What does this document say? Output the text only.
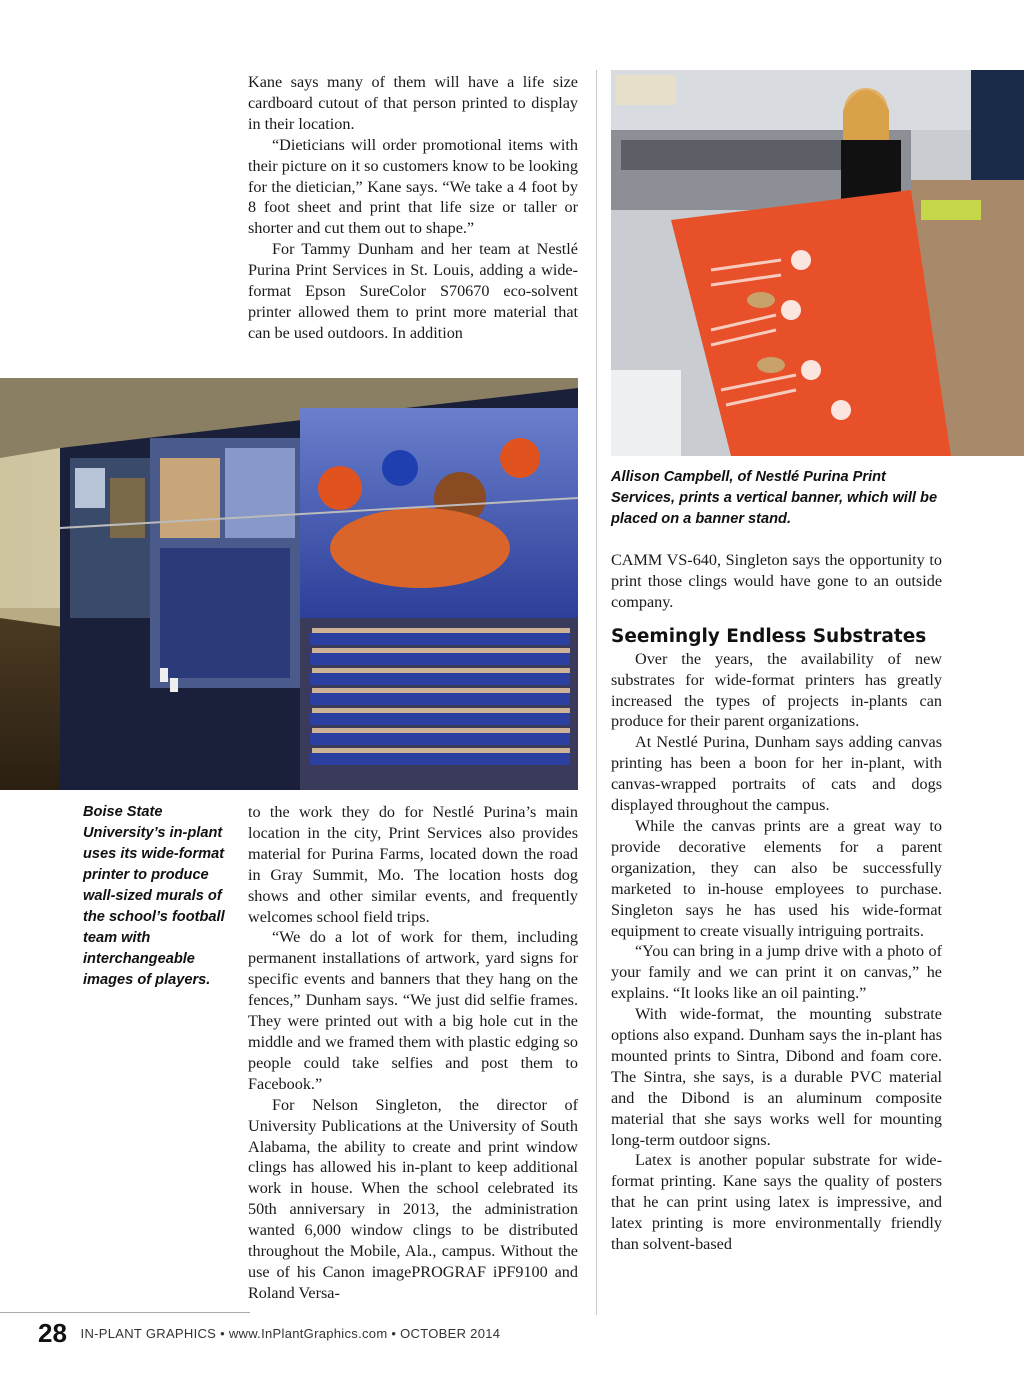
Kane says many of them will have a life size cardboard cutout of that person printed to display in their location.

“Dieticians will order promotional items with their picture on it so customers know to be looking for the dietician,” Kane says. “We take a 4 foot by 8 foot sheet and print that life size or taller or shorter and cut them out to shape.”

For Tammy Dunham and her team at Nestlé Purina Print Services in St. Louis, adding a wide-format Epson SureColor S70670 eco-solvent printer allowed them to print more material that can be used outdoors. In addition

Boise State University’s in-plant uses its wide-format printer to produce wall-sized murals of the school’s football team with interchangeable images of players.

to the work they do for Nestlé Purina’s main location in the city, Print Services also provides material for Purina Farms, located down the road in Gray Summit, Mo. The location hosts dog shows and other similar events, and frequently welcomes school field trips.

“We do a lot of work for them, including permanent installations of artwork, yard signs for specific events and banners that they hang on the fences,” Dunham says. “We just did selfie frames. They were printed out with a big hole cut in the middle and we framed them with plastic edging so people could take selfies and post them to Facebook.”

For Nelson Singleton, the director of University Publications at the University of South Alabama, the ability to create and print window clings has allowed his in-plant to keep additional work in house. When the school celebrated its 50th anniversary in 2013, the administration wanted 6,000 window clings to be distributed throughout the Mobile, Ala., campus. Without the use of his Canon imagePROGRAF iPF9100 and Roland Versa-

Allison Campbell, of Nestlé Purina Print Services, prints a vertical banner, which will be placed on a banner stand.

CAMM VS-640, Singleton says the opportunity to print those clings would have gone to an outside company.

Seemingly Endless Substrates

Over the years, the availability of new substrates for wide-format printers has greatly increased the types of projects in-plants can produce for their parent organizations.

At Nestlé Purina, Dunham says adding canvas printing has been a boon for her in-plant, with canvas-wrapped portraits of cats and dogs displayed throughout the campus.

While the canvas prints are a great way to provide decorative elements for a parent organization, they can also be successfully marketed to in-house employees to purchase. Singleton says he has used his wide-format equipment to create visually intriguing portraits.

“You can bring in a jump drive with a photo of your family and we can print it on canvas,” he explains. “It looks like an oil painting.”

With wide-format, the mounting substrate options also expand. Dunham says the in-plant has mounted prints to Sintra, Dibond and foam core. The Sintra, she says, is a durable PVC material and the Dibond is an aluminum composite material that she says works well for mounting long-term outdoor signs.

Latex is another popular substrate for wide-format printing. Kane says the quality of posters that he can print using latex is impressive, and latex printing is more environmentally friendly than solvent-based

28 IN-PLANT GRAPHICS • www.InPlantGraphics.com • OCTOBER 2014
